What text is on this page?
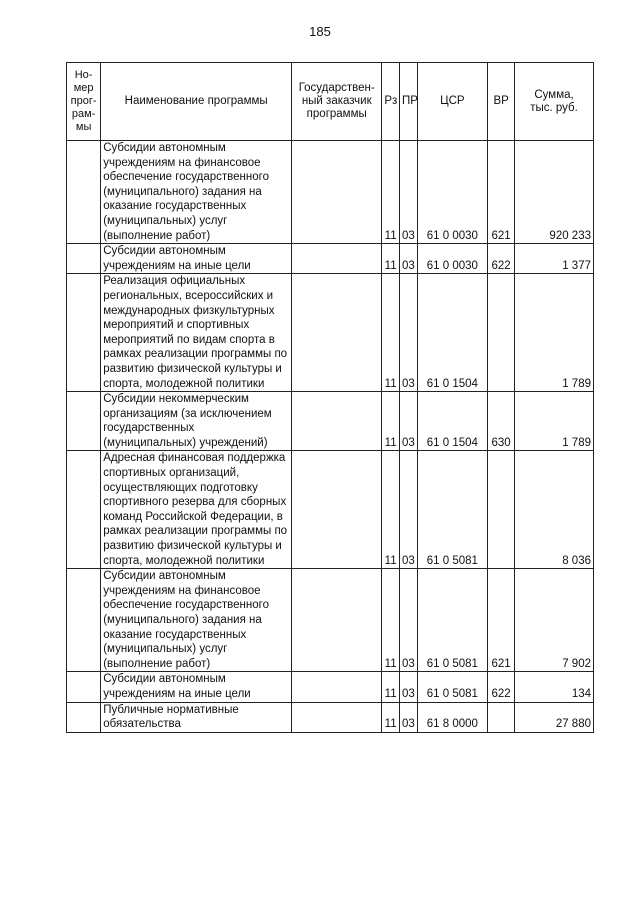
185
Но-
мер
прог-
рам-
мы	Наименование программы	Государствен-
ный заказчик
программы	Рз	ПР	ЦСР	ВР	Сумма,
тыс. руб.
	Субсидии автономным учреждениям на финансовое обеспечение государственного (муниципального) задания на оказание государственных (муниципальных) услуг (выполнение работ)		11	03	61 0 0030	621	920 233
	Субсидии автономным учреждениям на иные цели		11	03	61 0 0030	622	1 377
	Реализация официальных региональных, всероссийских и международных физкультурных мероприятий и спортивных мероприятий по видам спорта в рамках реализации программы по развитию физической культуры и спорта, молодежной политики		11	03	61 0 1504		1 789
	Субсидии некоммерческим организациям (за исключением государственных (муниципальных) учреждений)		11	03	61 0 1504	630	1 789
	Адресная финансовая поддержка спортивных организаций, осуществляющих подготовку спортивного резерва для сборных команд Российской Федерации, в рамках реализации программы по развитию физической культуры и спорта, молодежной политики		11	03	61 0 5081		8 036
	Субсидии автономным учреждениям на финансовое обеспечение государственного (муниципального) задания на оказание государственных (муниципальных) услуг (выполнение работ)		11	03	61 0 5081	621	7 902
	Субсидии автономным учреждениям на иные цели		11	03	61 0 5081	622	134
	Публичные нормативные обязательства		11	03	61 8 0000		27 880
